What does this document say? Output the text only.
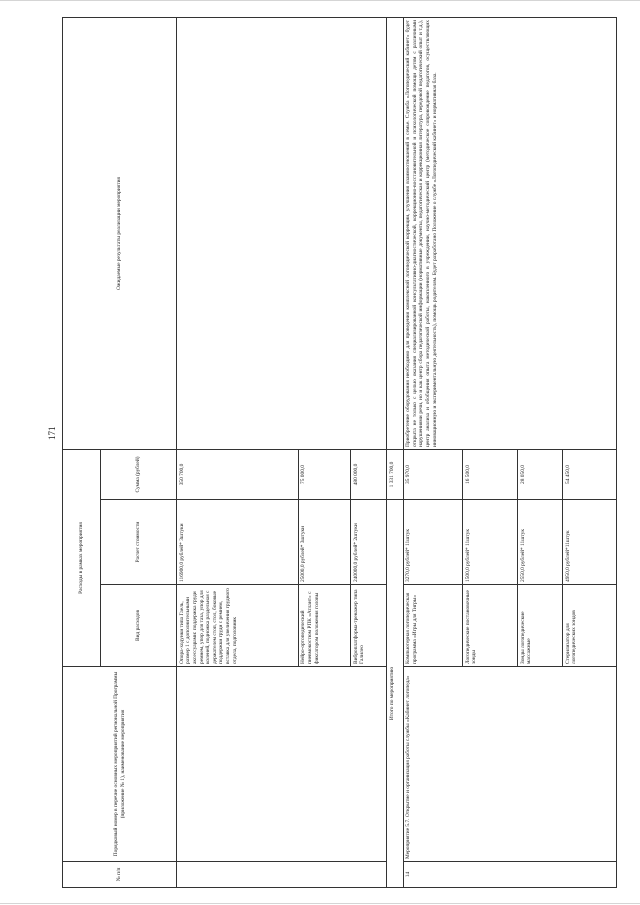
171
№ п/п	Порядковый номер в перечне основных мероприятий региональной Программы (приложение № 1), наименование мероприятия	Расходы в рамках мероприятия			Ожидаемые результаты реализации мероприятия
		Вид расходов	Расчет стоимости	Сумма (рублей)	
		Опора-ходунки типа Гаель, размер 1 с дополнительными аксессуарами: поддержка груди ремнем, упор для таза, упор для коленей, подножка раздельная с держателем стоп, стол, боковые поддержки груди с ремнем, вставка для увеличения грудного отдела, подголовник	116900,0 рублей* 3штуки	350 700,0	
		Нейро-ортопедический пневмокостюм РПК «Атлант» с фиксатором положения головы	25000,0 рублей* 3штуки	75 000,0	
		Виброплатформа-тренажер типа Галилео	240000,0 рублей* 2штуки	480 000,0	
Итого по мероприятию				1 331 700,0	
14	Мероприятие 5.7. Открытие и организация работы службы «Кабинет логопеда»	Компьютерная логопедическая программа «Игры для Тигры»	3270,0 рублей* 11штук	35 970,0	Приобретение оборудования необходимо для проведения комплексной логопедической коррекции, улучшения взаимоотношений в семье. Служба «Логопедический кабинет» будет открыта не только с целью оказания специализированной консультативно-диагностической, коррекционно-восстановительной и психологической помощи детям с различными нарушениями речи, но и как центр сбора педагогической информации (нормативные документы, педагогическая и коррекционная литература, передовой педагогический опыт и т.д.), центр анализа и обобщения опыта методической работы, накопленного в учреждении, научно-методический центр (методическое сопровождение педагогов, осуществляющих инновационную и экспериментальную деятельность), помощь родителям. Будет разработано Положение о службе «Логопедический кабинет» и нормативная база.
		Логопедические постановочные зонды	1500,0 рублей* 11штук	16 500,0	
		Зонды логопедические массажные	2550,0 рублей* 11штук	28 050,0	
		Стерилизатор для логопедических зондов	4950,0 рублей*11штук	54 450,0	
